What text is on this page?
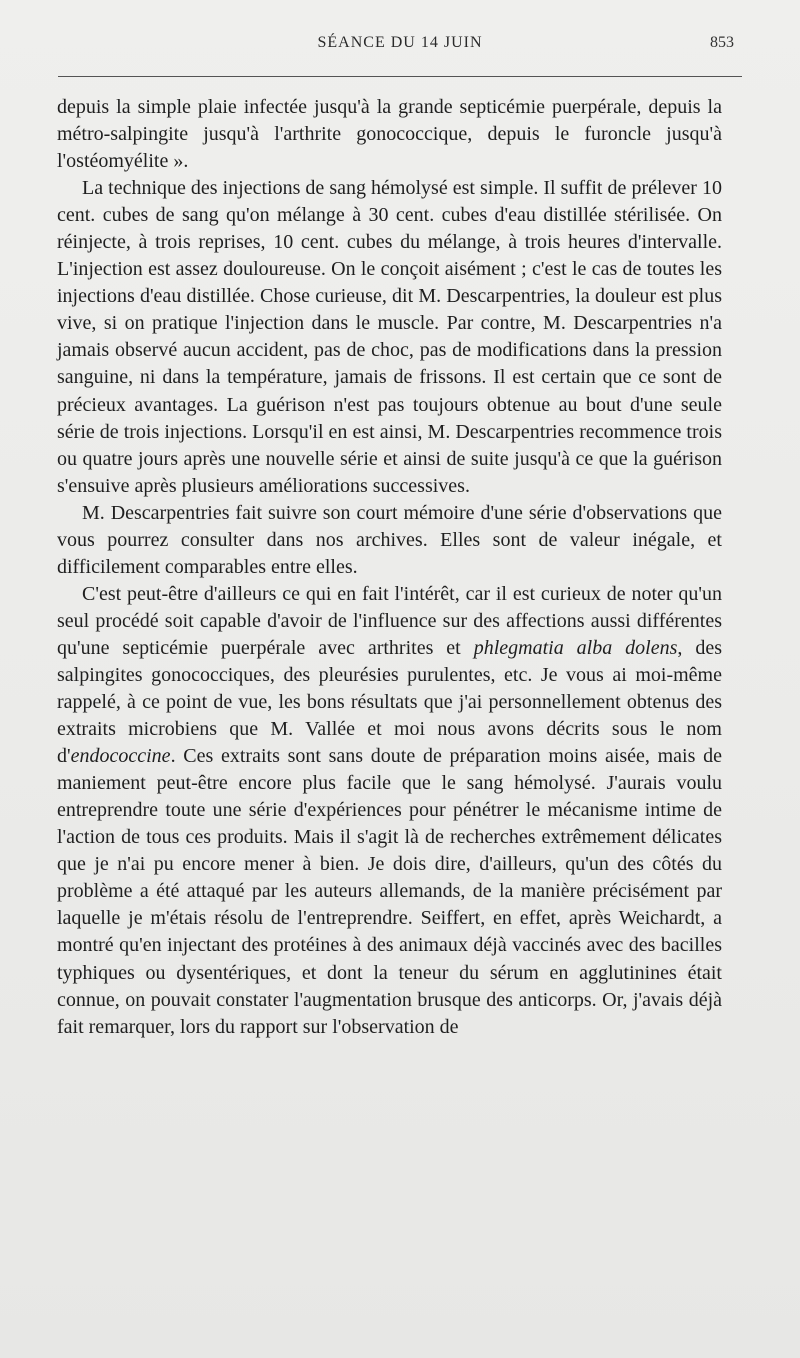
SÉANCE DU 14 JUIN	853

depuis la simple plaie infectée jusqu'à la grande septicémie puerpérale, depuis la métro-salpingite jusqu'à l'arthrite gonococcique, depuis le furoncle jusqu'à l'ostéomyélite ».

La technique des injections de sang hémolysé est simple. Il suffit de prélever 10 cent. cubes de sang qu'on mélange à 30 cent. cubes d'eau distillée stérilisée. On réinjecte, à trois reprises, 10 cent. cubes du mélange, à trois heures d'intervalle. L'injection est assez douloureuse. On le conçoit aisément ; c'est le cas de toutes les injections d'eau distillée. Chose curieuse, dit M. Descarpentries, la douleur est plus vive, si on pratique l'injection dans le muscle. Par contre, M. Descarpentries n'a jamais observé aucun accident, pas de choc, pas de modifications dans la pression sanguine, ni dans la température, jamais de frissons. Il est certain que ce sont de précieux avantages. La guérison n'est pas toujours obtenue au bout d'une seule série de trois injections. Lorsqu'il en est ainsi, M. Descarpentries recommence trois ou quatre jours après une nouvelle série et ainsi de suite jusqu'à ce que la guérison s'ensuive après plusieurs améliorations successives.

M. Descarpentries fait suivre son court mémoire d'une série d'observations que vous pourrez consulter dans nos archives. Elles sont de valeur inégale, et difficilement comparables entre elles.

C'est peut-être d'ailleurs ce qui en fait l'intérêt, car il est curieux de noter qu'un seul procédé soit capable d'avoir de l'influence sur des affections aussi différentes qu'une septicémie puerpérale avec arthrites et phlegmatia alba dolens, des salpingites gonococciques, des pleurésies purulentes, etc. Je vous ai moi-même rappelé, à ce point de vue, les bons résultats que j'ai personnellement obtenus des extraits microbiens que M. Vallée et moi nous avons décrits sous le nom d'endococcine. Ces extraits sont sans doute de préparation moins aisée, mais de maniement peut-être encore plus facile que le sang hémolysé. J'aurais voulu entreprendre toute une série d'expériences pour pénétrer le mécanisme intime de l'action de tous ces produits. Mais il s'agit là de recherches extrêmement délicates que je n'ai pu encore mener à bien. Je dois dire, d'ailleurs, qu'un des côtés du problème a été attaqué par les auteurs allemands, de la manière précisément par laquelle je m'étais résolu de l'entreprendre. Seiffert, en effet, après Weichardt, a montré qu'en injectant des protéines à des animaux déjà vaccinés avec des bacilles typhiques ou dysentériques, et dont la teneur du sérum en agglutinines était connue, on pouvait constater l'augmentation brusque des anticorps. Or, j'avais déjà fait remarquer, lors du rapport sur l'observation de
